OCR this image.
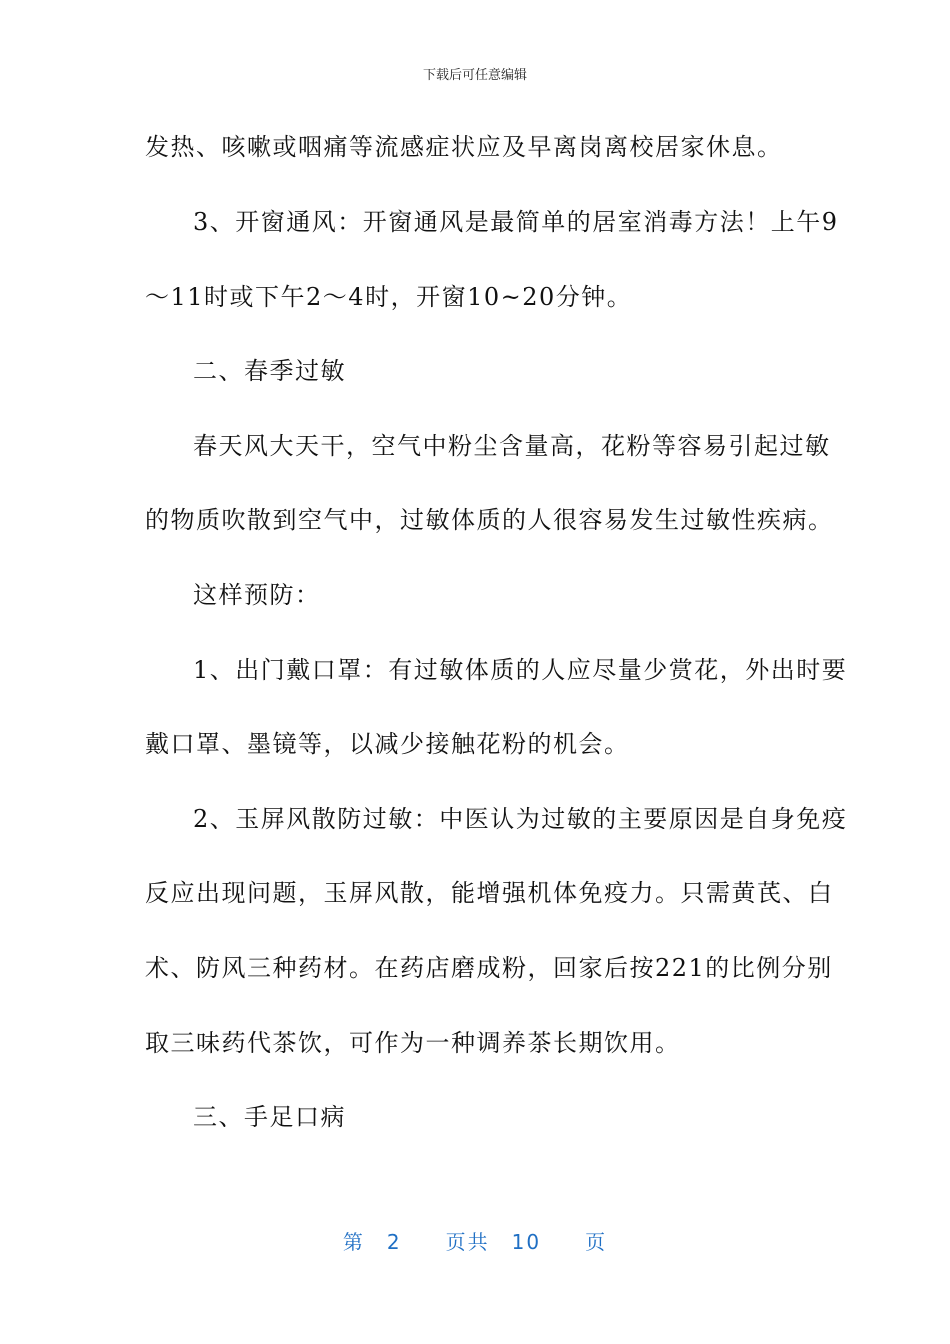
下载后可任意编辑
发热、咳嗽或咽痛等流感症状应及早离岗离校居家休息。
3、开窗通风：开窗通风是最简单的居室消毒方法！上午9
～11时或下午2～4时，开窗10~20分钟。
二、春季过敏
春天风大天干，空气中粉尘含量高，花粉等容易引起过敏
的物质吹散到空气中，过敏体质的人很容易发生过敏性疾病。
这样预防：
1、出门戴口罩：有过敏体质的人应尽量少赏花，外出时要
戴口罩、墨镜等，以减少接触花粉的机会。
2、玉屏风散防过敏：中医认为过敏的主要原因是自身免疫
反应出现问题，玉屏风散，能增强机体免疫力。只需黄芪、白
术、防风三种药材。在药店磨成粉，回家后按221的比例分别
取三味药代茶饮，可作为一种调养茶长期饮用。
三、手足口病
第 2 页共 10 页
